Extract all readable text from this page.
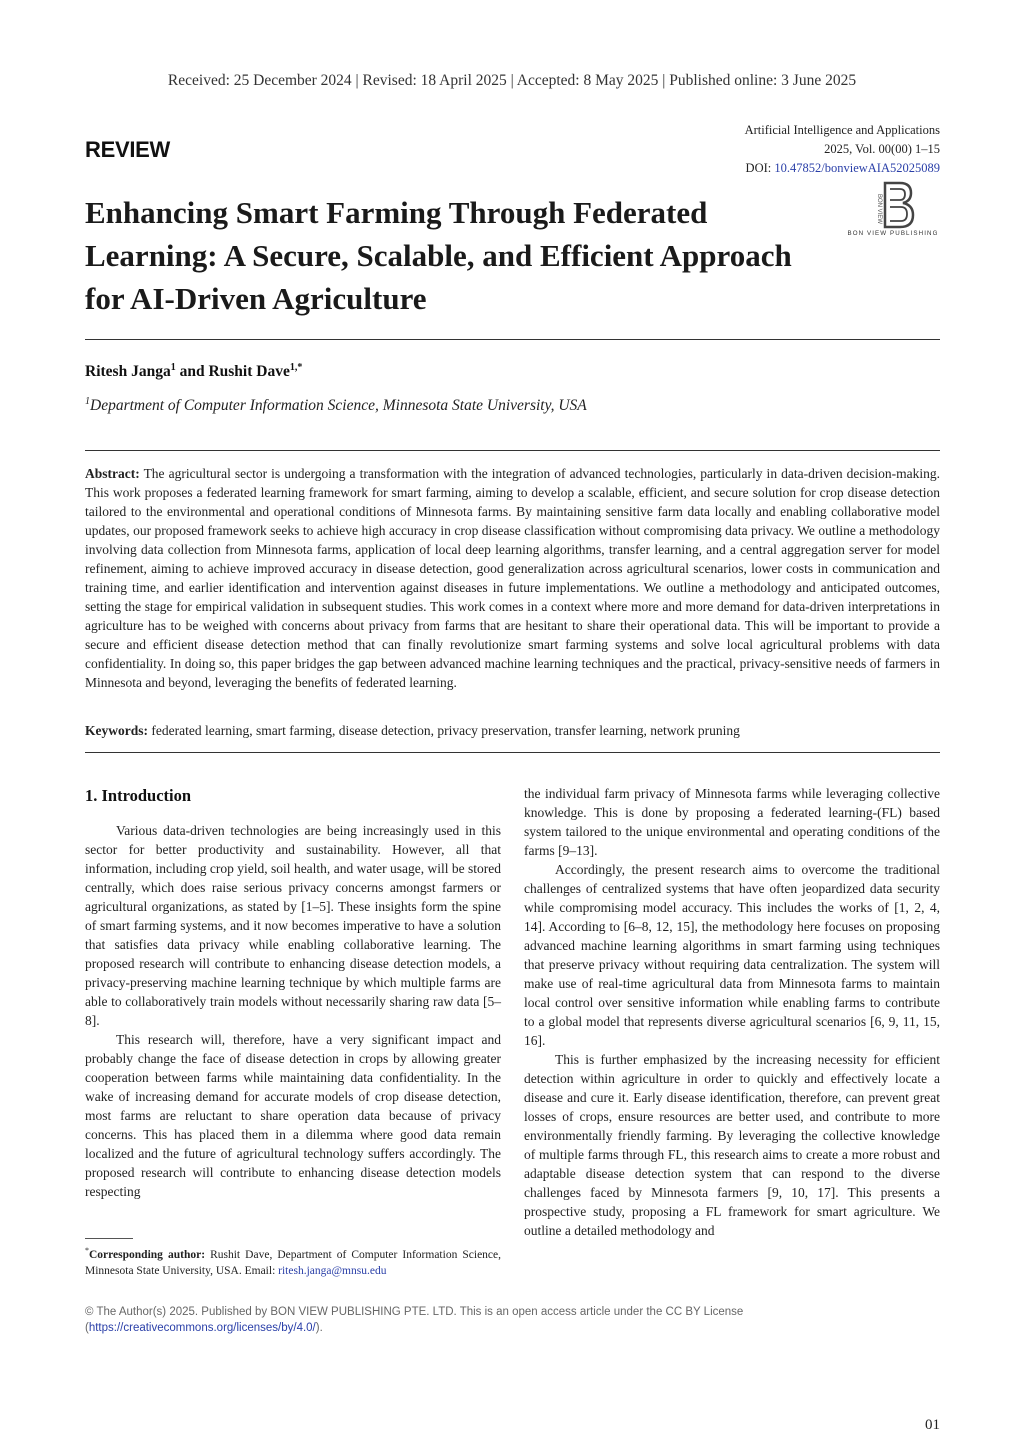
Received: 25 December 2024 | Revised: 18 April 2025 | Accepted: 8 May 2025 | Published online: 3 June 2025
REVIEW
Artificial Intelligence and Applications
2025, Vol. 00(00) 1–15
DOI: 10.47852/bonviewAIA52025089
BON VIEW
BON VIEW PUBLISHING
Enhancing Smart Farming Through Federated Learning: A Secure, Scalable, and Efficient Approach for AI-Driven Agriculture
Ritesh Janga$^1$ and Rushit Dave$^{1,*}$
$^1$Department of Computer Information Science, Minnesota State University, USA

Abstract: The agricultural sector is undergoing a transformation with the integration of advanced technologies, particularly in data-driven decision-making. This work proposes a federated learning framework for smart farming, aiming to develop a scalable, efficient, and secure solution for crop disease detection tailored to the environmental and operational conditions of Minnesota farms. By maintaining sensitive farm data locally and enabling collaborative model updates, our proposed framework seeks to achieve high accuracy in crop disease classification without compromising data privacy. We outline a methodology involving data collection from Minnesota farms, application of local deep learning algorithms, transfer learning, and a central aggregation server for model refinement, aiming to achieve improved accuracy in disease detection, good generalization across agricultural scenarios, lower costs in communication and training time, and earlier identification and intervention against diseases in future implementations. We outline a methodology and anticipated outcomes, setting the stage for empirical validation in subsequent studies. This work comes in a context where more and more demand for data-driven interpretations in agriculture has to be weighed with concerns about privacy from farms that are hesitant to share their operational data. This will be important to provide a secure and efficient disease detection method that can finally revolutionize smart farming systems and solve local agricultural problems with data confidentiality. In doing so, this paper bridges the gap between advanced machine learning techniques and the practical, privacy-sensitive needs of farmers in Minnesota and beyond, leveraging the benefits of federated learning.

Keywords: federated learning, smart farming, disease detection, privacy preservation, transfer learning, network pruning
1. Introduction

Various data-driven technologies are being increasingly used in this sector for better productivity and sustainability. However, all that information, including crop yield, soil health, and water usage, will be stored centrally, which does raise serious privacy concerns amongst farmers or agricultural organizations, as stated by [1–5]. These insights form the spine of smart farming systems, and it now becomes imperative to have a solution that satisfies data privacy while enabling collaborative learning. The proposed research will contribute to enhancing disease detection models, a privacy-preserving machine learning technique by which multiple farms are able to collaboratively train models without necessarily sharing raw data [5–8].

This research will, therefore, have a very significant impact and probably change the face of disease detection in crops by allowing greater cooperation between farms while maintaining data confidentiality. In the wake of increasing demand for accurate models of crop disease detection, most farms are reluctant to share operation data because of privacy concerns. This has placed them in a dilemma where good data remain localized and the future of agricultural technology suffers accordingly. The proposed research will contribute to enhancing disease detection models respecting

the individual farm privacy of Minnesota farms while leveraging collective knowledge. This is done by proposing a federated learning-(FL) based system tailored to the unique environmental and operating conditions of the farms [9–13].

Accordingly, the present research aims to overcome the traditional challenges of centralized systems that have often jeopardized data security while compromising model accuracy. This includes the works of [1, 2, 4, 14]. According to [6–8, 12, 15], the methodology here focuses on proposing advanced machine learning algorithms in smart farming using techniques that preserve privacy without requiring data centralization. The system will make use of real-time agricultural data from Minnesota farms to maintain local control over sensitive information while enabling farms to contribute to a global model that represents diverse agricultural scenarios [6, 9, 11, 15, 16].

This is further emphasized by the increasing necessity for efficient detection within agriculture in order to quickly and effectively locate a disease and cure it. Early disease identification, therefore, can prevent great losses of crops, ensure resources are better used, and contribute to more environmentally friendly farming. By leveraging the collective knowledge of multiple farms through FL, this research aims to create a more robust and adaptable disease detection system that can respond to the diverse challenges faced by Minnesota farmers [9, 10, 17]. This presents a prospective study, proposing a FL framework for smart agriculture. We outline a detailed methodology and

*Corresponding author: Rushit Dave, Department of Computer Information Science, Minnesota State University, USA. Email: ritesh.janga@mnsu.edu
© The Author(s) 2025. Published by BON VIEW PUBLISHING PTE. LTD. This is an open access article under the CC BY License (https://creativecommons.org/licenses/by/4.0/).
01
